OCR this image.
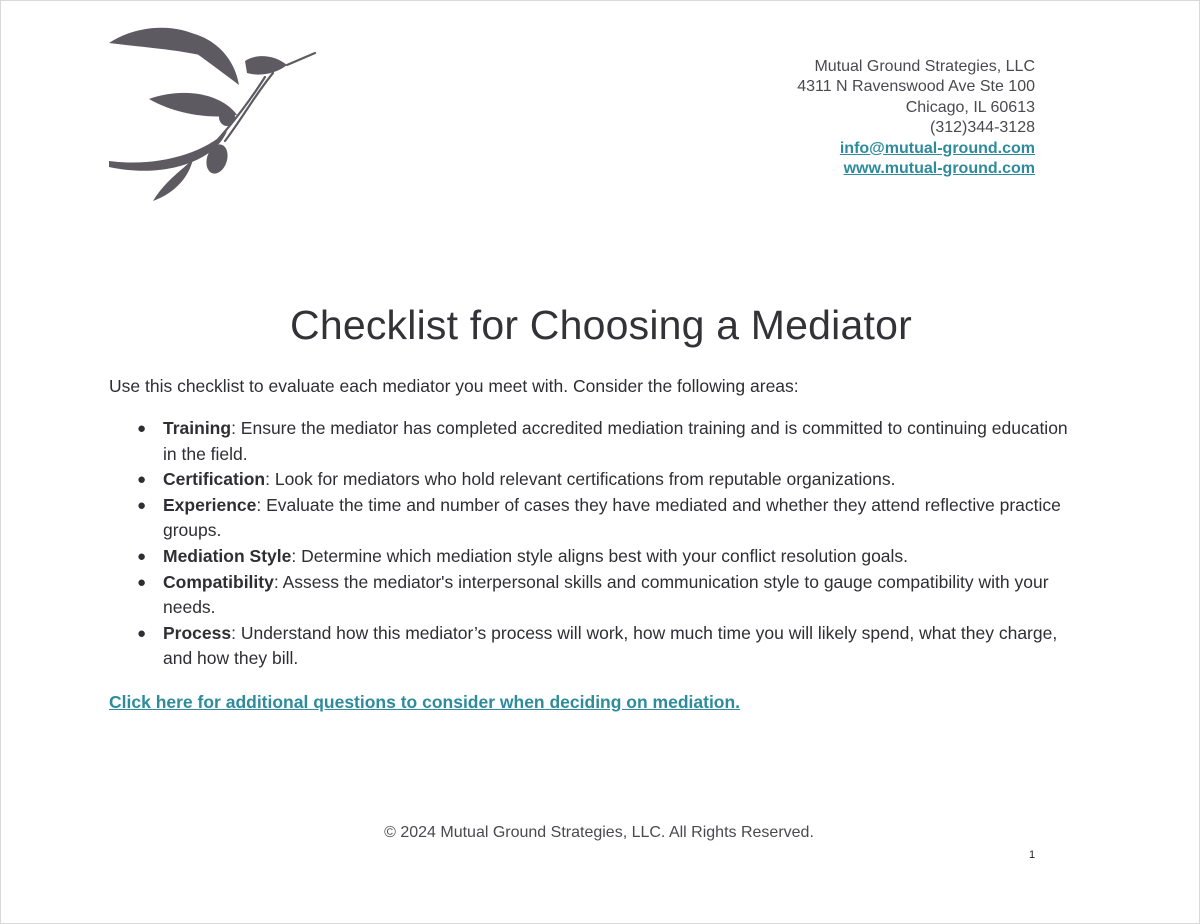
Mutual Ground Strategies, LLC
4311 N Ravenswood Ave Ste 100
Chicago, IL 60613
(312)344-3128
info@mutual-ground.com
www.mutual-ground.com
Checklist for Choosing a Mediator
Use this checklist to evaluate each mediator you meet with. Consider the following areas:
● Training: Ensure the mediator has completed accredited mediation training and is committed to continuing education in the field.
● Certification: Look for mediators who hold relevant certifications from reputable organizations.
● Experience: Evaluate the time and number of cases they have mediated and whether they attend reflective practice groups.
● Mediation Style: Determine which mediation style aligns best with your conflict resolution goals.
● Compatibility: Assess the mediator's interpersonal skills and communication style to gauge compatibility with your needs.
● Process: Understand how this mediator’s process will work, how much time you will likely spend, what they charge, and how they bill.
Click here for additional questions to consider when deciding on mediation.
© 2024 Mutual Ground Strategies, LLC. All Rights Reserved.
1
